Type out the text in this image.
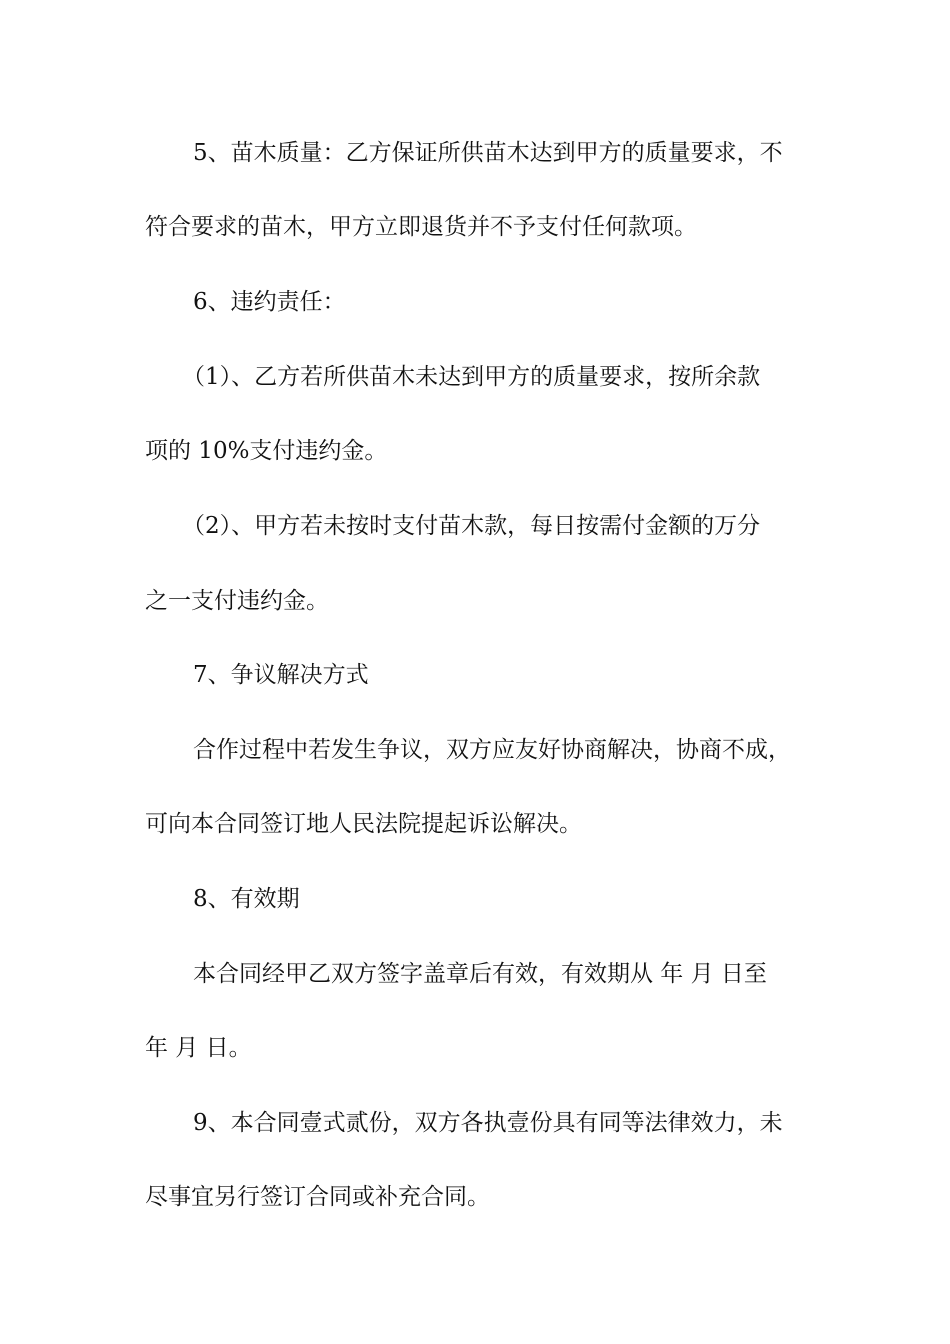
5、苗木质量：乙方保证所供苗木达到甲方的质量要求，不
符合要求的苗木，甲方立即退货并不予支付任何款项。
6、违约责任：
（1）、乙方若所供苗木未达到甲方的质量要求，按所余款
项的 10%支付违约金。
（2）、甲方若未按时支付苗木款，每日按需付金额的万分
之一支付违约金。
7、争议解决方式
合作过程中若发生争议，双方应友好协商解决，协商不成，
可向本合同签订地人民法院提起诉讼解决。
8、有效期
本合同经甲乙双方签字盖章后有效，有效期从 年 月 日至
年 月 日。
9、本合同壹式贰份，双方各执壹份具有同等法律效力，未
尽事宜另行签订合同或补充合同。
